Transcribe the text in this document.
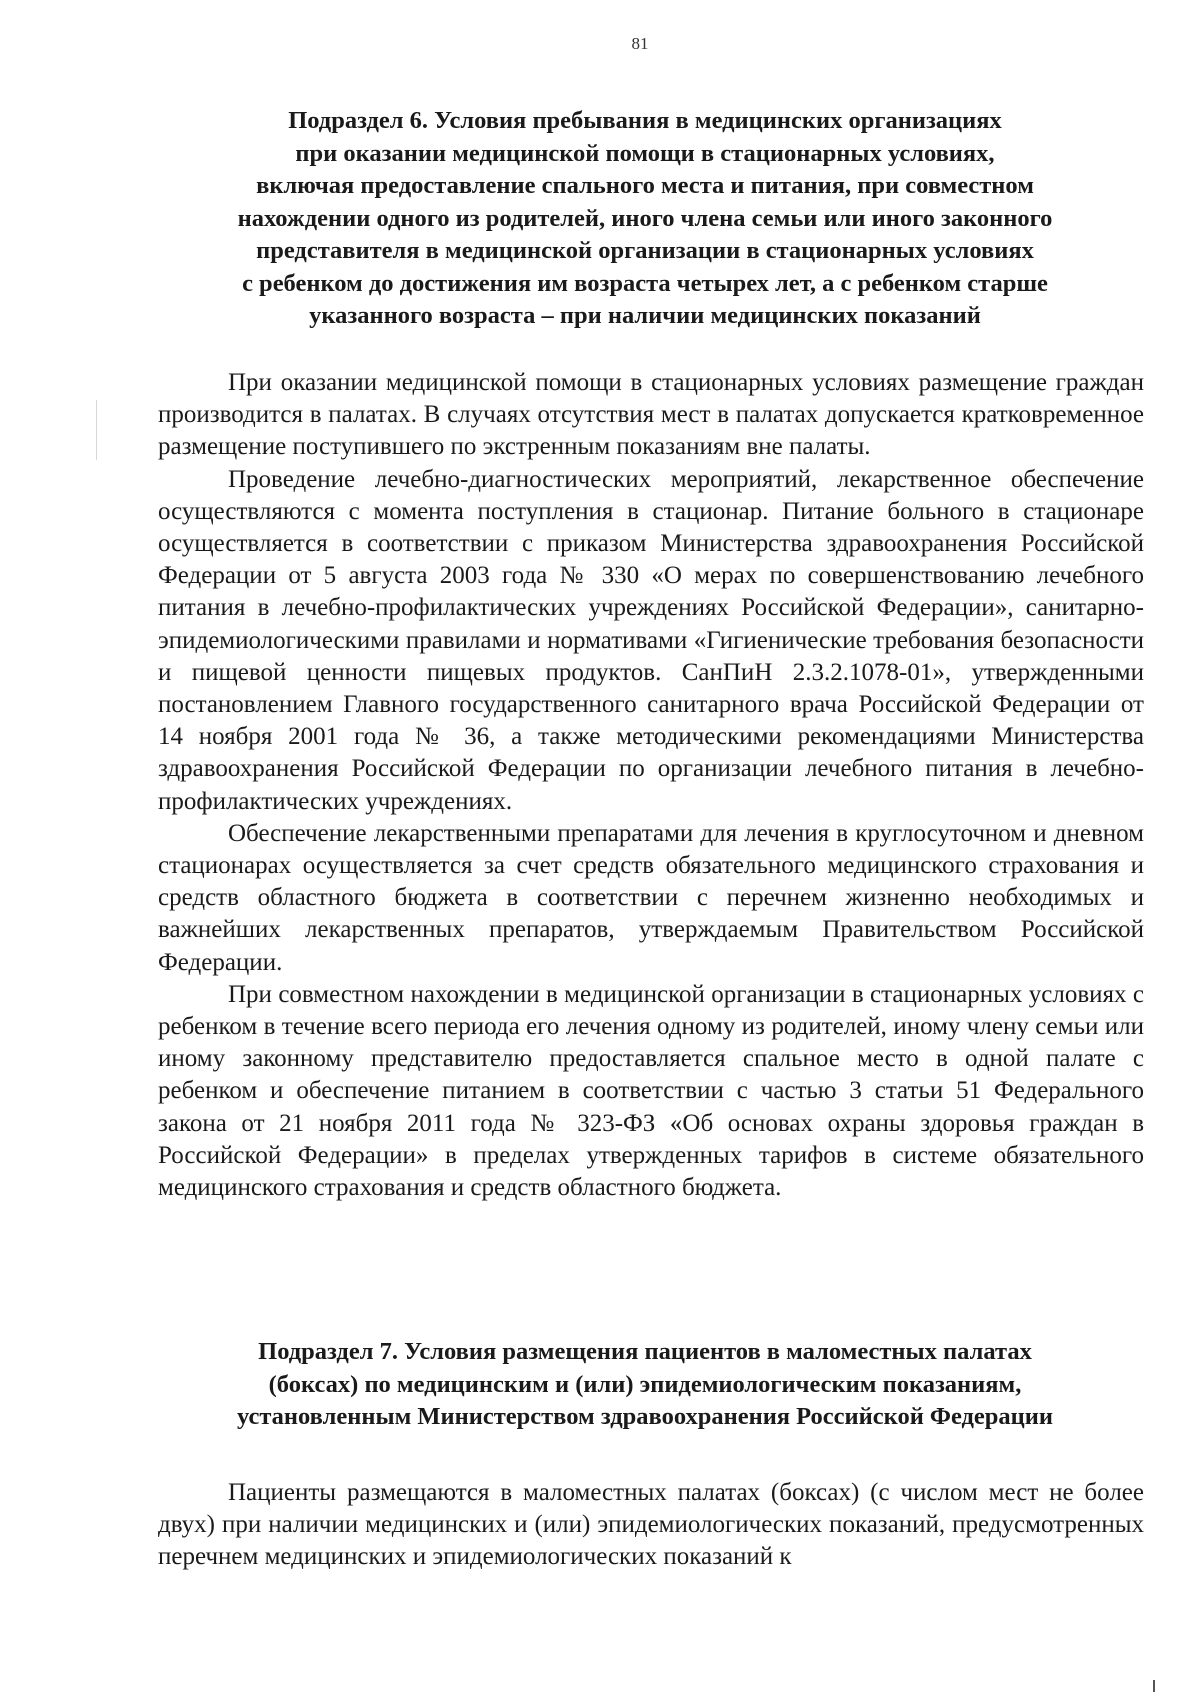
81
Подраздел 6. Условия пребывания в медицинских организациях
при оказании медицинской помощи в стационарных условиях,
включая предоставление спального места и питания, при совместном
нахождении одного из родителей, иного члена семьи или иного законного
представителя в медицинской организации в стационарных условиях
с ребенком до достижения им возраста четырех лет, а с ребенком старше
указанного возраста – при наличии медицинских показаний

При оказании медицинской помощи в стационарных условиях размещение граждан производится в палатах. В случаях отсутствия мест в палатах допускается кратковременное размещение поступившего по экстренным показаниям вне палаты.

Проведение лечебно-диагностических мероприятий, лекарственное обеспечение осуществляются с момента поступления в стационар. Питание больного в стационаре осуществляется в соответствии с приказом Министерства здравоохранения Российской Федерации от 5 августа 2003 года № 330 «О мерах по совершенствованию лечебного питания в лечебно-профилактических учреждениях Российской Федерации», санитарно-эпидемиологическими правилами и нормативами «Гигиенические требования безопасности и пищевой ценности пищевых продуктов. СанПиН 2.3.2.1078-01», утвержденными постановлением Главного государственного санитарного врача Российской Федерации от 14 ноября 2001 года № 36, а также методическими рекомендациями Министерства здравоохранения Российской Федерации по организации лечебного питания в лечебно-профилактических учреждениях.

Обеспечение лекарственными препаратами для лечения в круглосуточном и дневном стационарах осуществляется за счет средств обязательного медицинского страхования и средств областного бюджета в соответствии с перечнем жизненно необходимых и важнейших лекарственных препаратов, утверждаемым Правительством Российской Федерации.

При совместном нахождении в медицинской организации в стационарных условиях с ребенком в течение всего периода его лечения одному из родителей, иному члену семьи или иному законному представителю предоставляется спальное место в одной палате с ребенком и обеспечение питанием в соответствии с частью 3 статьи 51 Федерального закона от 21 ноября 2011 года № 323-ФЗ «Об основах охраны здоровья граждан в Российской Федерации» в пределах утвержденных тарифов в системе обязательного медицинского страхования и средств областного бюджета.

Подраздел 7. Условия размещения пациентов в маломестных палатах
(боксах) по медицинским и (или) эпидемиологическим показаниям,
установленным Министерством здравоохранения Российской Федерации

Пациенты размещаются в маломестных палатах (боксах) (с числом мест не более двух) при наличии медицинских и (или) эпидемиологических показаний, предусмотренных перечнем медицинских и эпидемиологических показаний к
